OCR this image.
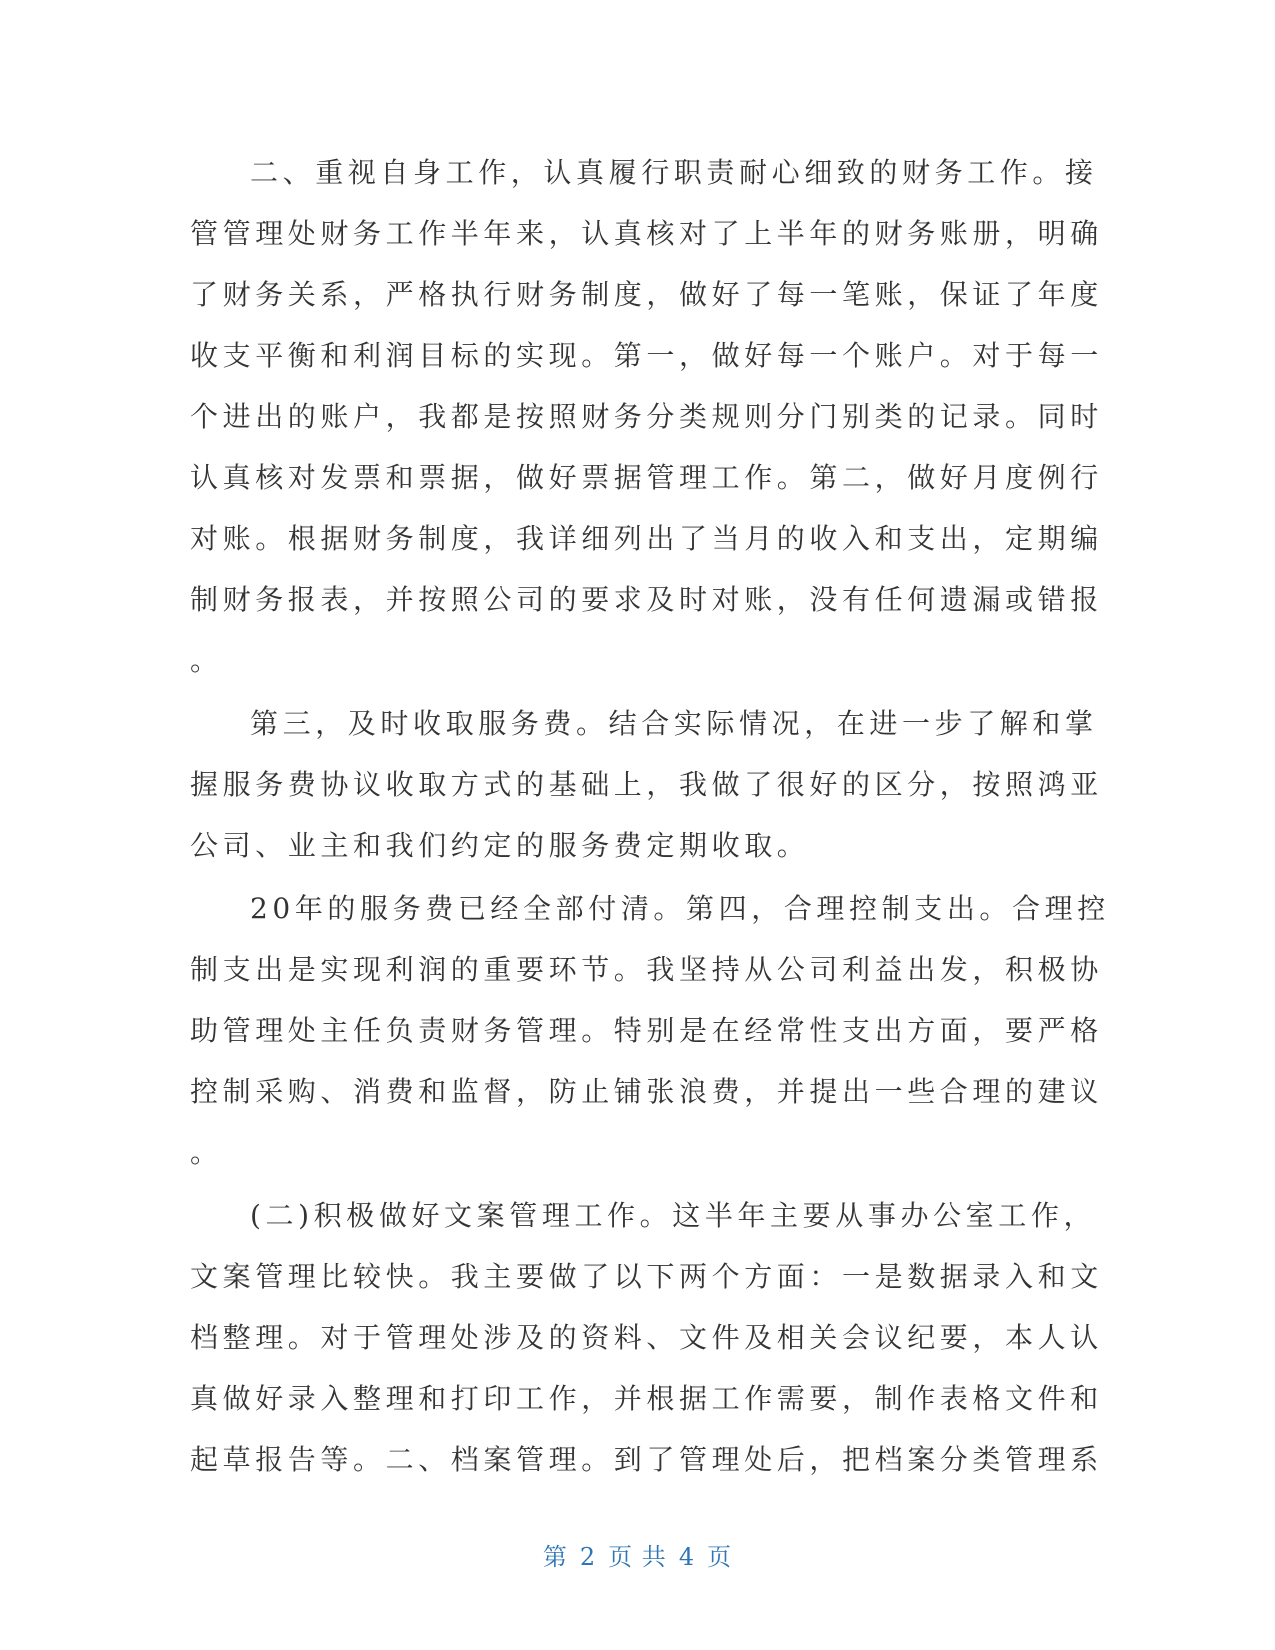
二、重视自身工作，认真履行职责耐心细致的财务工作。接
管管理处财务工作半年来，认真核对了上半年的财务账册，明确
了财务关系，严格执行财务制度，做好了每一笔账，保证了年度
收支平衡和利润目标的实现。第一，做好每一个账户。对于每一
个进出的账户，我都是按照财务分类规则分门别类的记录。同时
认真核对发票和票据，做好票据管理工作。第二，做好月度例行
对账。根据财务制度，我详细列出了当月的收入和支出，定期编
制财务报表，并按照公司的要求及时对账，没有任何遗漏或错报
。
第三，及时收取服务费。结合实际情况，在进一步了解和掌
握服务费协议收取方式的基础上，我做了很好的区分，按照鸿亚
公司、业主和我们约定的服务费定期收取。
20年的服务费已经全部付清。第四，合理控制支出。合理控
制支出是实现利润的重要环节。我坚持从公司利益出发，积极协
助管理处主任负责财务管理。特别是在经常性支出方面，要严格
控制采购、消费和监督，防止铺张浪费，并提出一些合理的建议
。
(二)积极做好文案管理工作。这半年主要从事办公室工作，
文案管理比较快。我主要做了以下两个方面：一是数据录入和文
档整理。对于管理处涉及的资料、文件及相关会议纪要，本人认
真做好录入整理和打印工作，并根据工作需要，制作表格文件和
起草报告等。二、档案管理。到了管理处后，把档案分类管理系
第 2 页 共 4 页
